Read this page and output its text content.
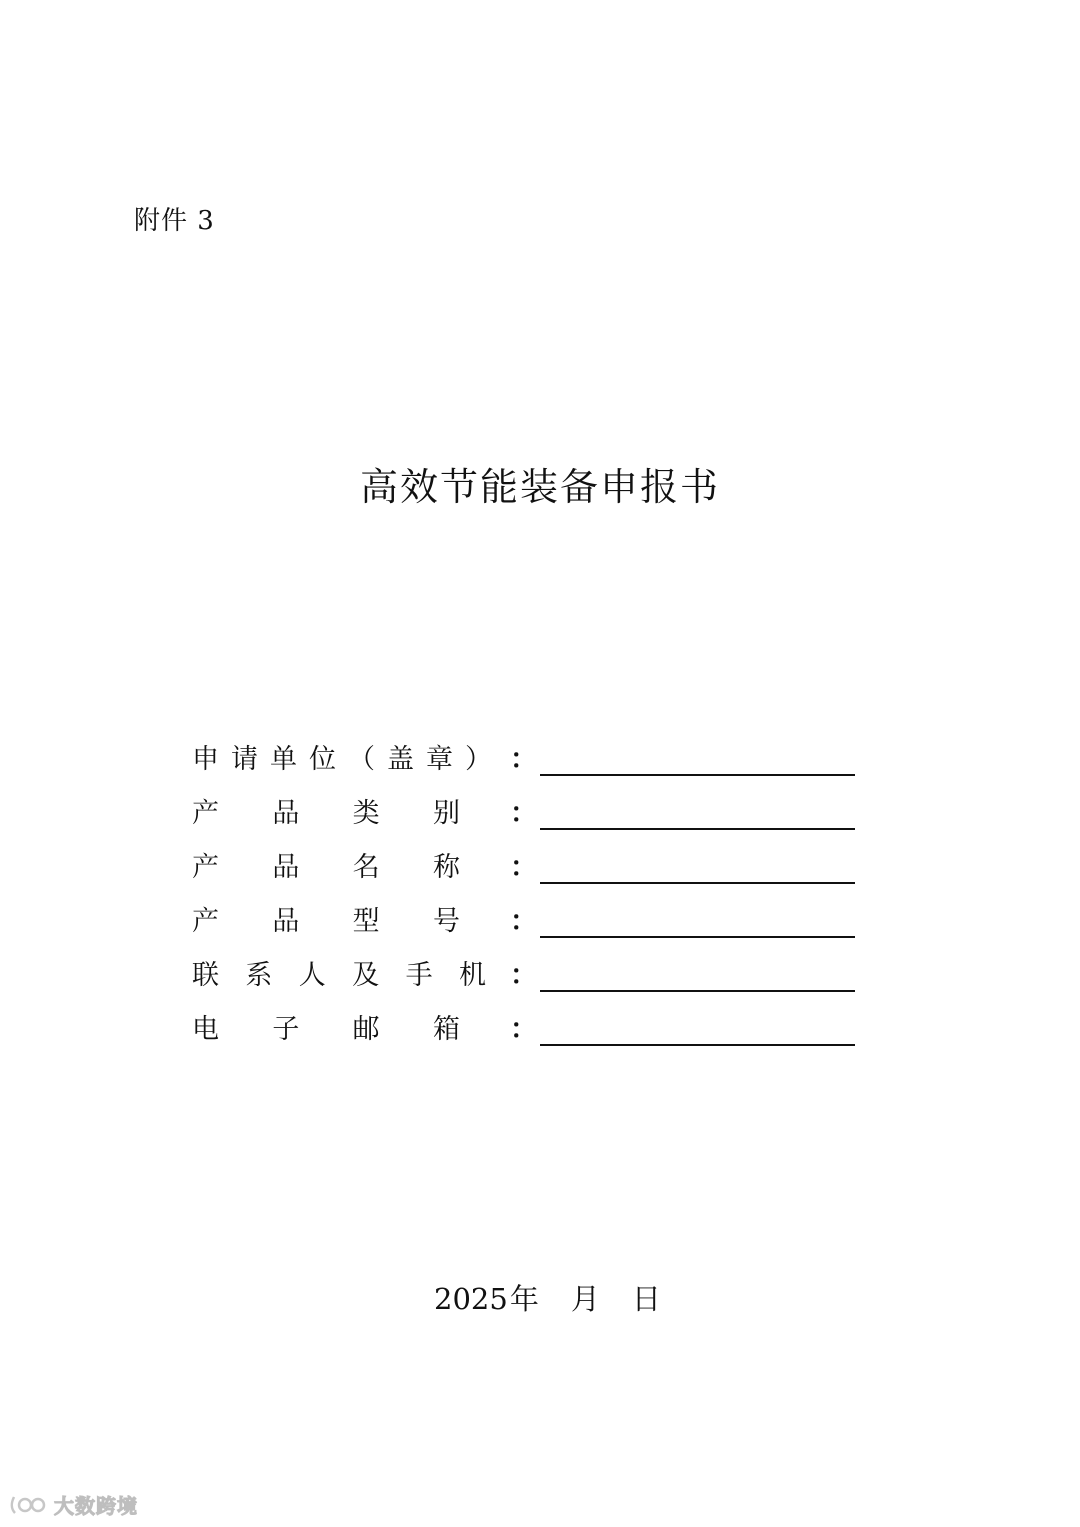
附件 3
高效节能装备申报书
申 请 单 位 （ 盖 章 ） ：
产 品 类 别 ：
产 品 名 称 ：
产 品 型 号 ：
联 系 人 及 手 机 ：
电 子 邮 箱 ：
2025 年 月 日
大数跨境
